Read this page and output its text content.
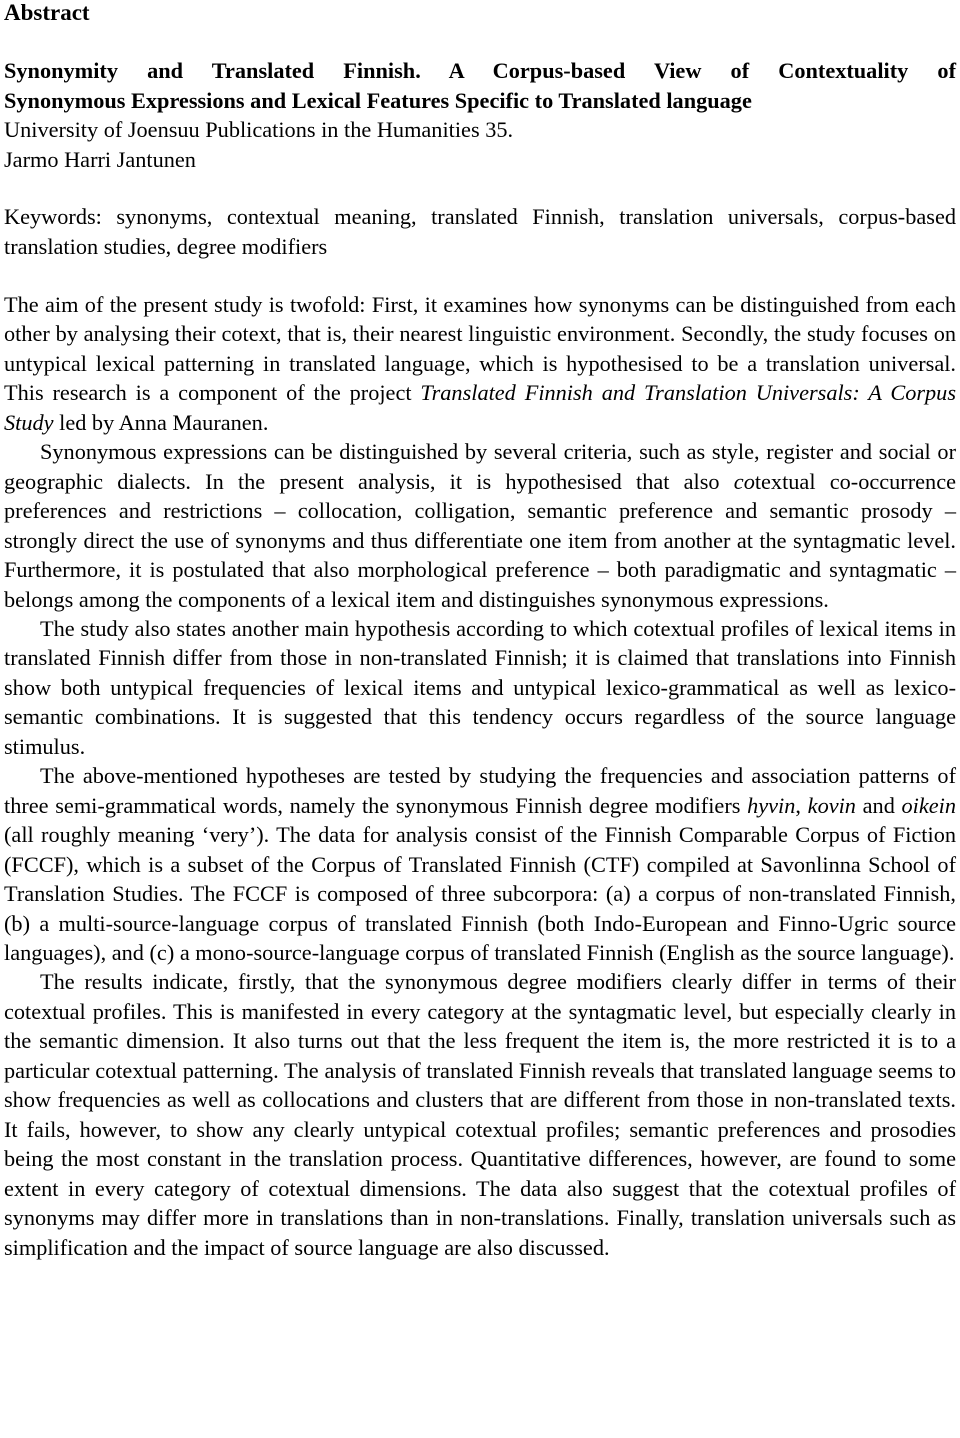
Abstract
Synonymity and Translated Finnish. A Corpus-based View of Contextuality of
Synonymous Expressions and Lexical Features Specific to Translated language
University of Joensuu Publications in the Humanities 35.
Jarmo Harri Jantunen

Keywords: synonyms, contextual meaning, translated Finnish, translation universals, corpus-based translation studies, degree modifiers

The aim of the present study is twofold: First, it examines how synonyms can be distinguished from each other by analysing their cotext, that is, their nearest linguistic environment. Secondly, the study focuses on untypical lexical patterning in translated language, which is hypothesised to be a translation universal. This research is a component of the project Translated Finnish and Translation Universals: A Corpus Study led by Anna Mauranen.

Synonymous expressions can be distinguished by several criteria, such as style, register and social or geographic dialects. In the present analysis, it is hypothesised that also cotextual co-occurrence preferences and restrictions – collocation, colligation, semantic preference and semantic prosody – strongly direct the use of synonyms and thus differentiate one item from another at the syntagmatic level. Furthermore, it is postulated that also morphological preference – both paradigmatic and syntagmatic – belongs among the components of a lexical item and distinguishes synonymous expressions.

The study also states another main hypothesis according to which cotextual profiles of lexical items in translated Finnish differ from those in non-translated Finnish; it is claimed that translations into Finnish show both untypical frequencies of lexical items and untypical lexico-grammatical as well as lexico-semantic combinations. It is suggested that this tendency occurs regardless of the source language stimulus.

The above-mentioned hypotheses are tested by studying the frequencies and association patterns of three semi-grammatical words, namely the synonymous Finnish degree modifiers hyvin, kovin and oikein (all roughly meaning ‘very’). The data for analysis consist of the Finnish Comparable Corpus of Fiction (FCCF), which is a subset of the Corpus of Translated Finnish (CTF) compiled at Savonlinna School of Translation Studies. The FCCF is composed of three subcorpora: (a) a corpus of non-translated Finnish, (b) a multi-source-language corpus of translated Finnish (both Indo-European and Finno-Ugric source languages), and (c) a mono-source-language corpus of translated Finnish (English as the source language).

The results indicate, firstly, that the synonymous degree modifiers clearly differ in terms of their cotextual profiles. This is manifested in every category at the syntagmatic level, but especially clearly in the semantic dimension. It also turns out that the less frequent the item is, the more restricted it is to a particular cotextual patterning. The analysis of translated Finnish reveals that translated language seems to show frequencies as well as collocations and clusters that are different from those in non-translated texts. It fails, however, to show any clearly untypical cotextual profiles; semantic preferences and prosodies being the most constant in the translation process. Quantitative differences, however, are found to some extent in every category of cotextual dimensions. The data also suggest that the cotextual profiles of synonyms may differ more in translations than in non-translations. Finally, translation universals such as simplification and the impact of source language are also discussed.
